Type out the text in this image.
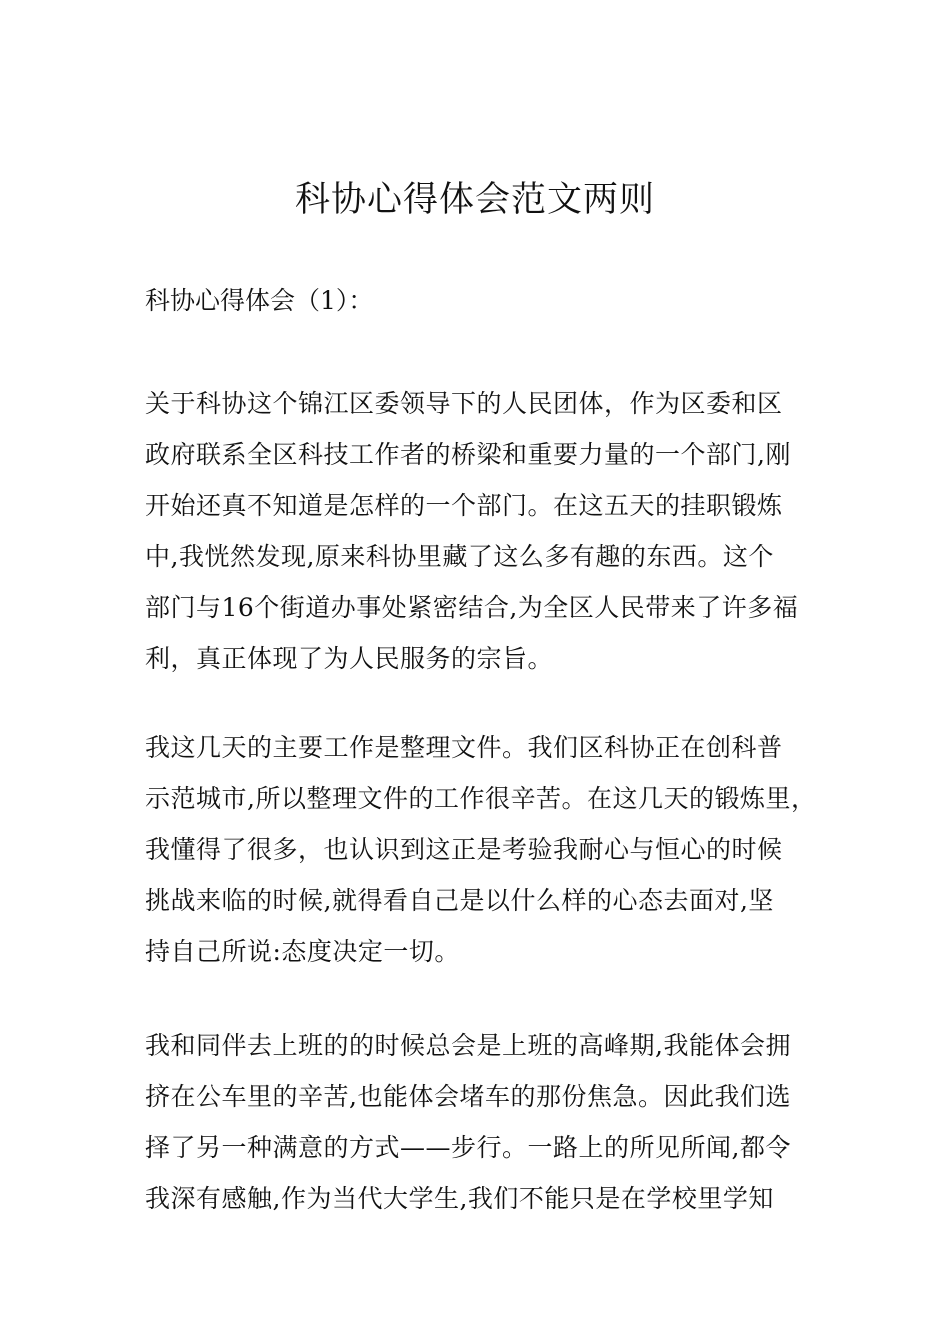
科协心得体会范文两则

科协心得体会（1）：

关于科协这个锦江区委领导下的人民团体，作为区委和区
政府联系全区科技工作者的桥梁和重要力量的一个部门,刚
开始还真不知道是怎样的一个部门。在这五天的挂职锻炼
中,我恍然发现,原来科协里藏了这么多有趣的东西。这个
部门与16个街道办事处紧密结合,为全区人民带来了许多福
利，真正体现了为人民服务的宗旨。

我这几天的主要工作是整理文件。我们区科协正在创科普
示范城市,所以整理文件的工作很辛苦。在这几天的锻炼里，
我懂得了很多，也认识到这正是考验我耐心与恒心的时候
挑战来临的时候,就得看自己是以什么样的心态去面对,坚
持自己所说:态度决定一切。

我和同伴去上班的的时候总会是上班的高峰期,我能体会拥
挤在公车里的辛苦,也能体会堵车的那份焦急。因此我们选
择了另一种满意的方式——步行。一路上的所见所闻,都令
我深有感触,作为当代大学生,我们不能只是在学校里学知
